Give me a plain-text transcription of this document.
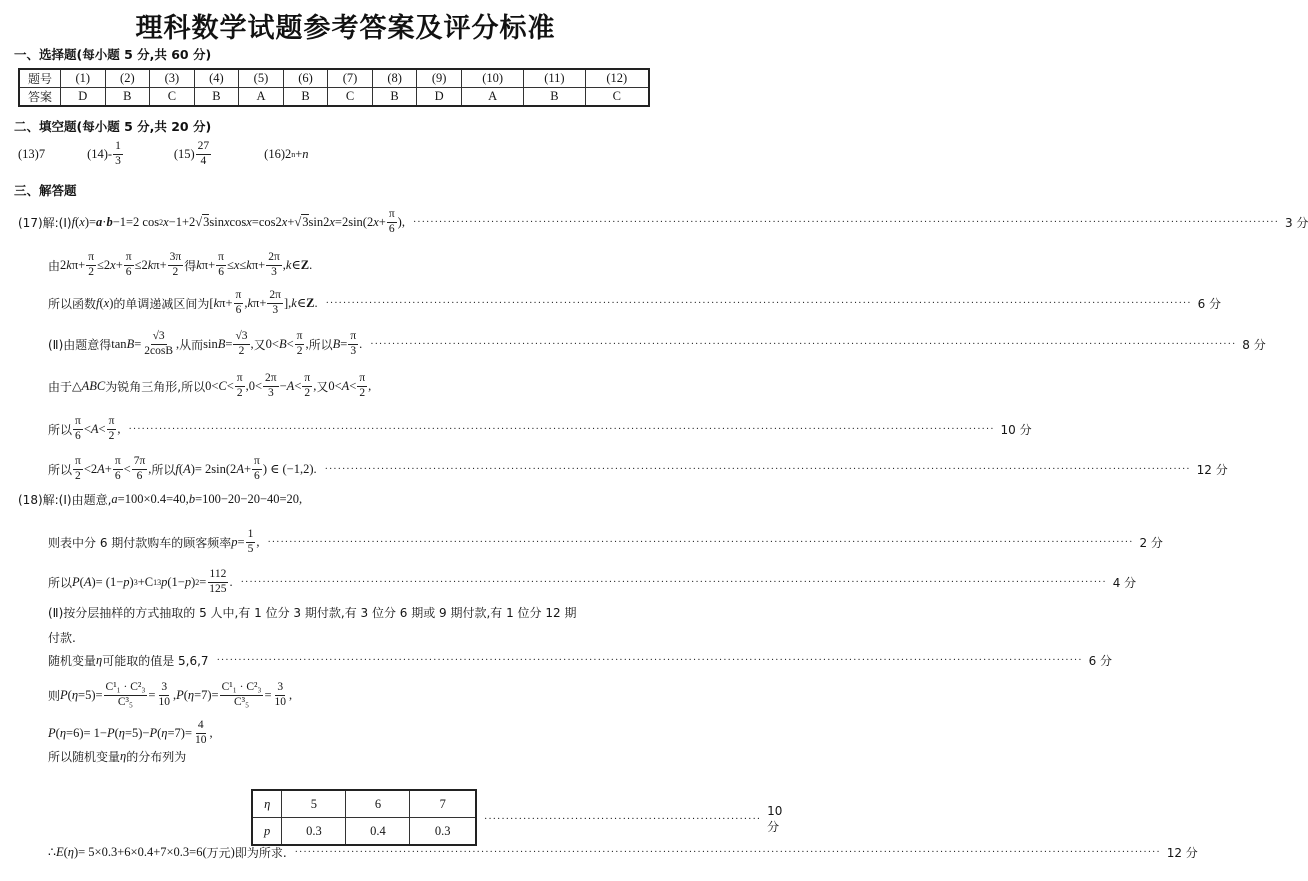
理科数学试题参考答案及评分标准
一、选择题(每小题 5 分,共 60 分)
题号	(1)	(2)	(3)	(4)	(5)	(6)	(7)	(8)	(9)	(10)	(11)	(12)
答案	D	B	C	B	A	B	C	B	D	A	B	C
二、填空题(每小题 5 分,共 20 分)
(13) 7	$(14) - \frac{1}{3}$	$(15) \frac{27}{4}$	(16) 2 n + n
三、解答题
(17)解:(Ⅰ) f ( x )= a · b −1=2 cos 2 x −1+2 √3 sin x cos x =cos2 x + √3 sin2 x =2sin(2 $x + \frac{\pi}{6}$ ), ········································································································································································································ 3 分
由 2 k $\pi+ \frac{\pi}{2} \le 2$ $x + \frac{\pi}{6} \le 2$ k $\pi+ \frac{3\pi}{2}$ 得 k $\pi+ \frac{\pi}{6} \le x \le k$ $\pi+ \frac{2\pi}{3}$ , k ∈ Z .
所以函数 f ( x ) 的单调递减区间为 [ k $\pi+ \frac{\pi}{6}$ , k $\pi+ \frac{2\pi}{3}$ ], k ∈ Z . ········································································································································································································ 6 分
(Ⅱ)由题意得 $\tan B = \frac{√3}{2\cos B}$ , 从而 $\sin B = \frac{√3}{2}$ , 又 $0< B < \frac{\pi}{2}$ , 所以 $B = \frac{\pi}{3}$ . ········································································································································································································ 8 分
由于 △ ABC 为锐角三角形,所以 $0< C < \frac{\pi}{2} ,0< \frac{2\pi}{3} - A < \frac{\pi}{2}$ , 又 $0< A < \frac{\pi}{2}$ ,
所以 $\frac{\pi}{6} < A < \frac{\pi}{2}$ , ········································································································································································································ 10 分
所以 $\frac{\pi}{2} <2$ $A + \frac{\pi}{6} < \frac{7\pi}{6}$ , 所以 f ( A )= 2sin(2 $A + \frac{\pi}{6}$ ) ∈ (−1,2). ········································································································································································································ 12 分
(18)解:(Ⅰ)由题意, a =100×0.4=40, b =100−20−20−40=20,
则表中分 6 期付款购车的顾客频率 $p = \frac{1}{5}$ , ········································································································································································································ 2 分
所以 P ( A )= (1− p ) 3 +C 1 3 p (1− p ) $2 = \frac{112}{125}$ . ········································································································································································································ 4 分
(Ⅱ)按分层抽样的方式抽取的 5 人中,有 1 位分 3 期付款,有 3 位分 6 期或 9 期付款,有 1 位分 12 期
付款.
随机变量 η 可能取的值是 5,6,7 ········································································································································································································ 6 分
则 P ( $\eta =5)= \frac{\text{C¹₁ · C²₃}}{\text{C³₅}} = \frac{3}{10}$ , P ( $\eta =7)= \frac{\text{C¹₁ · C²₃}}{\text{C³₅}} = \frac{3}{10}$ ,
P ( η =6)= 1− P ( η =5)− P ( $\eta =7)= \frac{4}{10}$ ,
所以随机变量 η 的分布列为
∴ E ( η )= 5×0.3+6×0.4+7×0.3=6( 万元 ) 即为所求. ········································································································································································································ 12 分
η	5	6	7
p	0.3	0.4	0.3
································································
10 分
